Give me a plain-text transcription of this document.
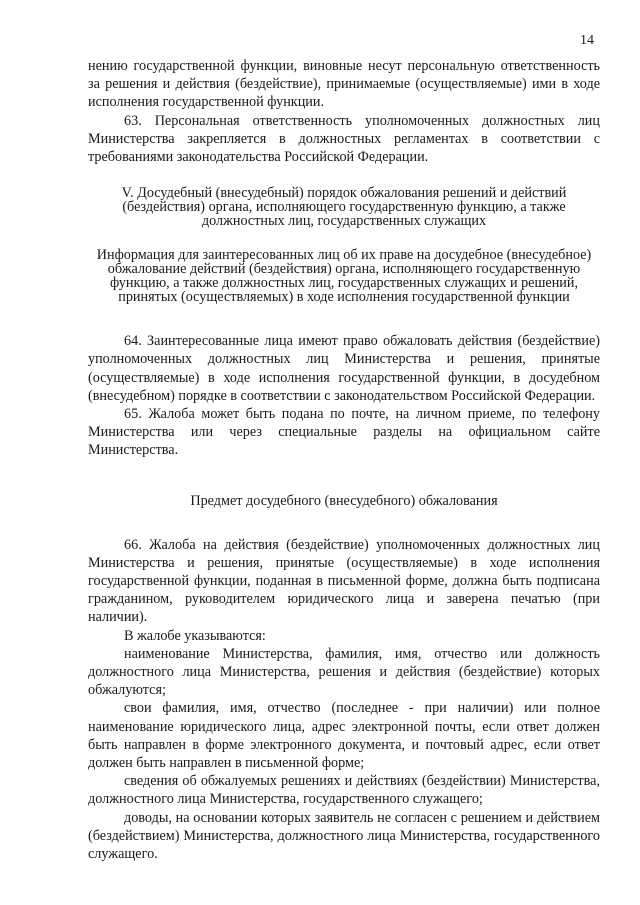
14

нению государственной функции, виновные несут персональную ответственность за решения и действия (бездействие), принимаемые (осуществляемые) ими в ходе исполнения государственной функции.

63. Персональная ответственность уполномоченных должностных лиц Министерства закрепляется в должностных регламентах в соответствии с требованиями законодательства Российской Федерации.

V. Досудебный (внесудебный) порядок обжалования решений и действий (бездействия) органа, исполняющего государственную функцию, а также должностных лиц, государственных служащих

Информация для заинтересованных лиц об их праве на досудебное (внесудебное) обжалование действий (бездействия) органа, исполняющего государственную функцию, а также должностных лиц, государственных служащих и решений, принятых (осуществляемых) в ходе исполнения государственной функции

64. Заинтересованные лица имеют право обжаловать действия (бездействие) уполномоченных должностных лиц Министерства и решения, принятые (осуществляемые) в ходе исполнения государственной функции, в досудебном (внесудебном) порядке в соответствии с законодательством Российской Федерации.

65. Жалоба может быть подана по почте, на личном приеме, по телефону Министерства или через специальные разделы на официальном сайте Министерства.

Предмет досудебного (внесудебного) обжалования

66. Жалоба на действия (бездействие) уполномоченных должностных лиц Министерства и решения, принятые (осуществляемые) в ходе исполнения государственной функции, поданная в письменной форме, должна быть подписана гражданином, руководителем юридического лица и заверена печатью (при наличии).

В жалобе указываются:

наименование Министерства, фамилия, имя, отчество или должность должностного лица Министерства, решения и действия (бездействие) которых обжалуются;

свои фамилия, имя, отчество (последнее - при наличии) или полное наименование юридического лица, адрес электронной почты, если ответ должен быть направлен в форме электронного документа, и почтовый адрес, если ответ должен быть направлен в письменной форме;

сведения об обжалуемых решениях и действиях (бездействии) Министерства, должностного лица Министерства, государственного служащего;

доводы, на основании которых заявитель не согласен с решением и действием (бездействием) Министерства, должностного лица Министерства, государственного служащего.
